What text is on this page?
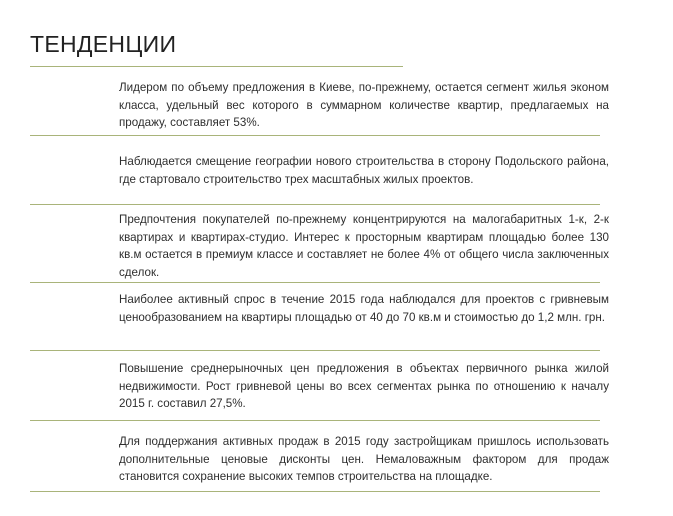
ТЕНДЕНЦИИ

Лидером по объему предложения в Киеве, по-прежнему, остается сегмент жилья эконом класса, удельный вес которого в суммарном количестве квартир, предлагаемых на продажу, составляет 53%.

Наблюдается смещение географии нового строительства в сторону Подольского района, где стартовало строительство трех масштабных жилых проектов.

Предпочтения покупателей по-прежнему концентрируются на малогабаритных 1-к, 2-к квартирах и квартирах-студио. Интерес к просторным квартирам площадью более 130 кв.м остается в премиум классе и составляет не более 4% от общего числа заключенных сделок.

Наиболее активный спрос в течение 2015 года наблюдался для проектов с гривневым ценообразованием на квартиры площадью от 40 до 70 кв.м и стоимостью до 1,2 млн. грн.

Повышение среднерыночных цен предложения в объектах первичного рынка жилой недвижимости. Рост гривневой цены во всех сегментах рынка по отношению к началу 2015 г. составил 27,5%.

Для поддержания активных продаж в 2015 году застройщикам пришлось использовать дополнительные ценовые дисконты цен. Немаловажным фактором для продаж становится сохранение высоких темпов строительства на площадке.
